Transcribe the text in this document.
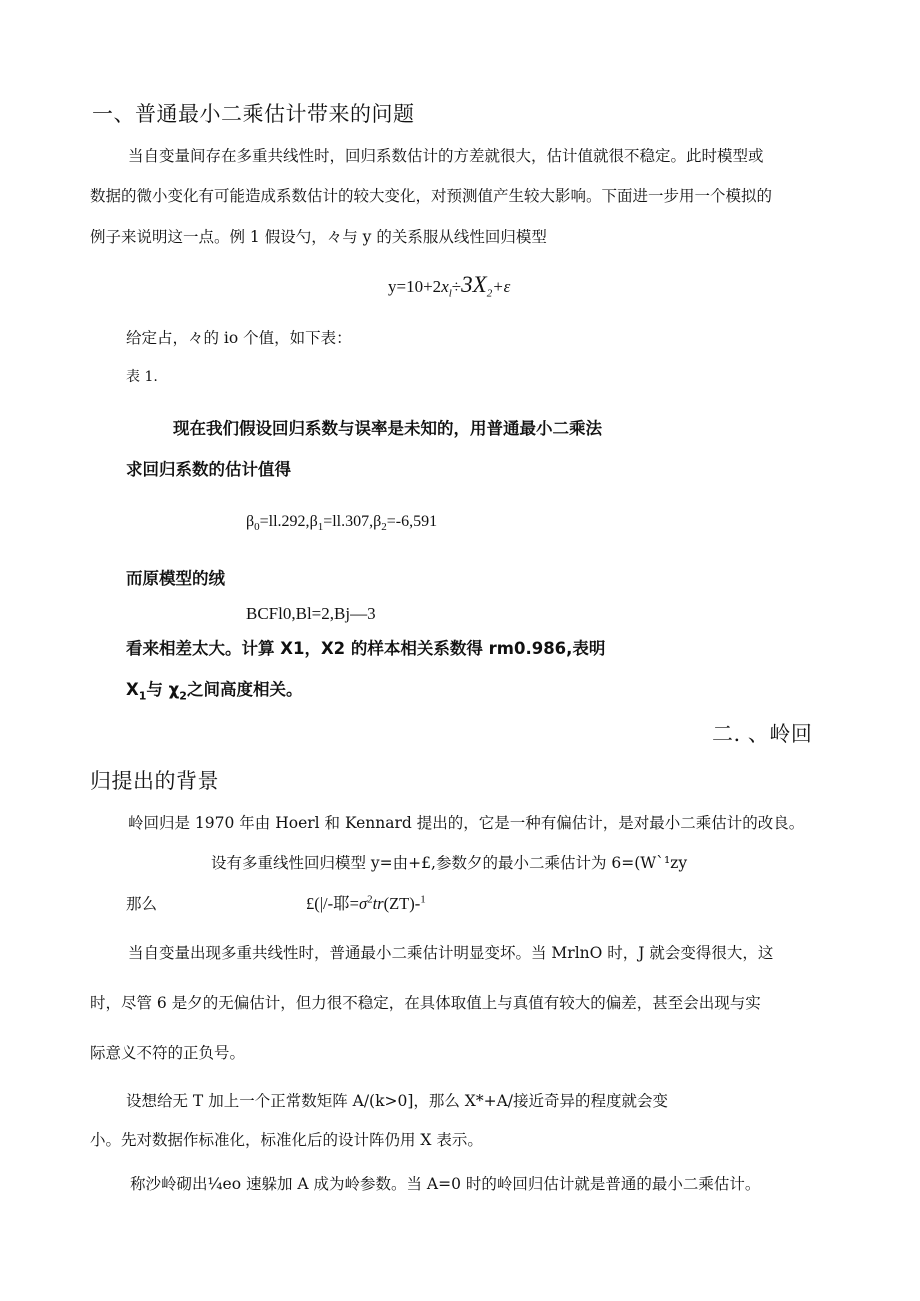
一、普通最小二乘估计带来的问题
当自变量间存在多重共线性时，回归系数估计的方差就很大，估计值就很不稳定。此时模型或
数据的微小变化有可能造成系数估计的较大变化，对预测值产生较大影响。下面进一步用一个模拟的
例子来说明这一点。例 1 假设勺，々与 y 的关系服从线性回归模型
$y=10+2x_l\div 3X_2+\varepsilon$
给定占，々的 io 个值，如下表：
表 1.
现在我们假设回归系数与误率是未知的，用普通最小二乘法
求回归系数的估计值得
$\beta_0=ll.292,\beta_1=ll.307,\beta_2=-6,591$
而原模型的绒
BCFl0,Bl=2,Bj—3
看来相差太大。计算 X1，X2 的样本相关系数得 rm0.986,表明
$X_1$与 $\chi_2$之间高度相关。
二. 、岭回
归提出的背景
岭回归是 1970 年由 Hoerl 和 Kennard 提出的，它是一种有偏估计，是对最小二乘估计的改良。
设有多重线性回归模型 y=由+£,参数夕的最小二乘估计为 6=(W`¹zy
那么	£(|/-耶$=\sigma^2tr(ZT)-^1$
当自变量出现多重共线性时，普通最小二乘估计明显变坏。当 MrlnO 时，J 就会变得很大，这
时，尽管 6 是夕的无偏估计，但力很不稳定，在具体取值上与真值有较大的偏差，甚至会出现与实
际意义不符的正负号。
设想给无 T 加上一个正常数矩阵 A/(k>0]，那么 X*+A/接近奇异的程度就会变
小。先对数据作标准化，标准化后的设计阵仍用 X 表示。
称沙岭砌出¼eo 速躲加 A 成为岭参数。当 A=0 时的岭回归估计就是普通的最小二乘估计。
